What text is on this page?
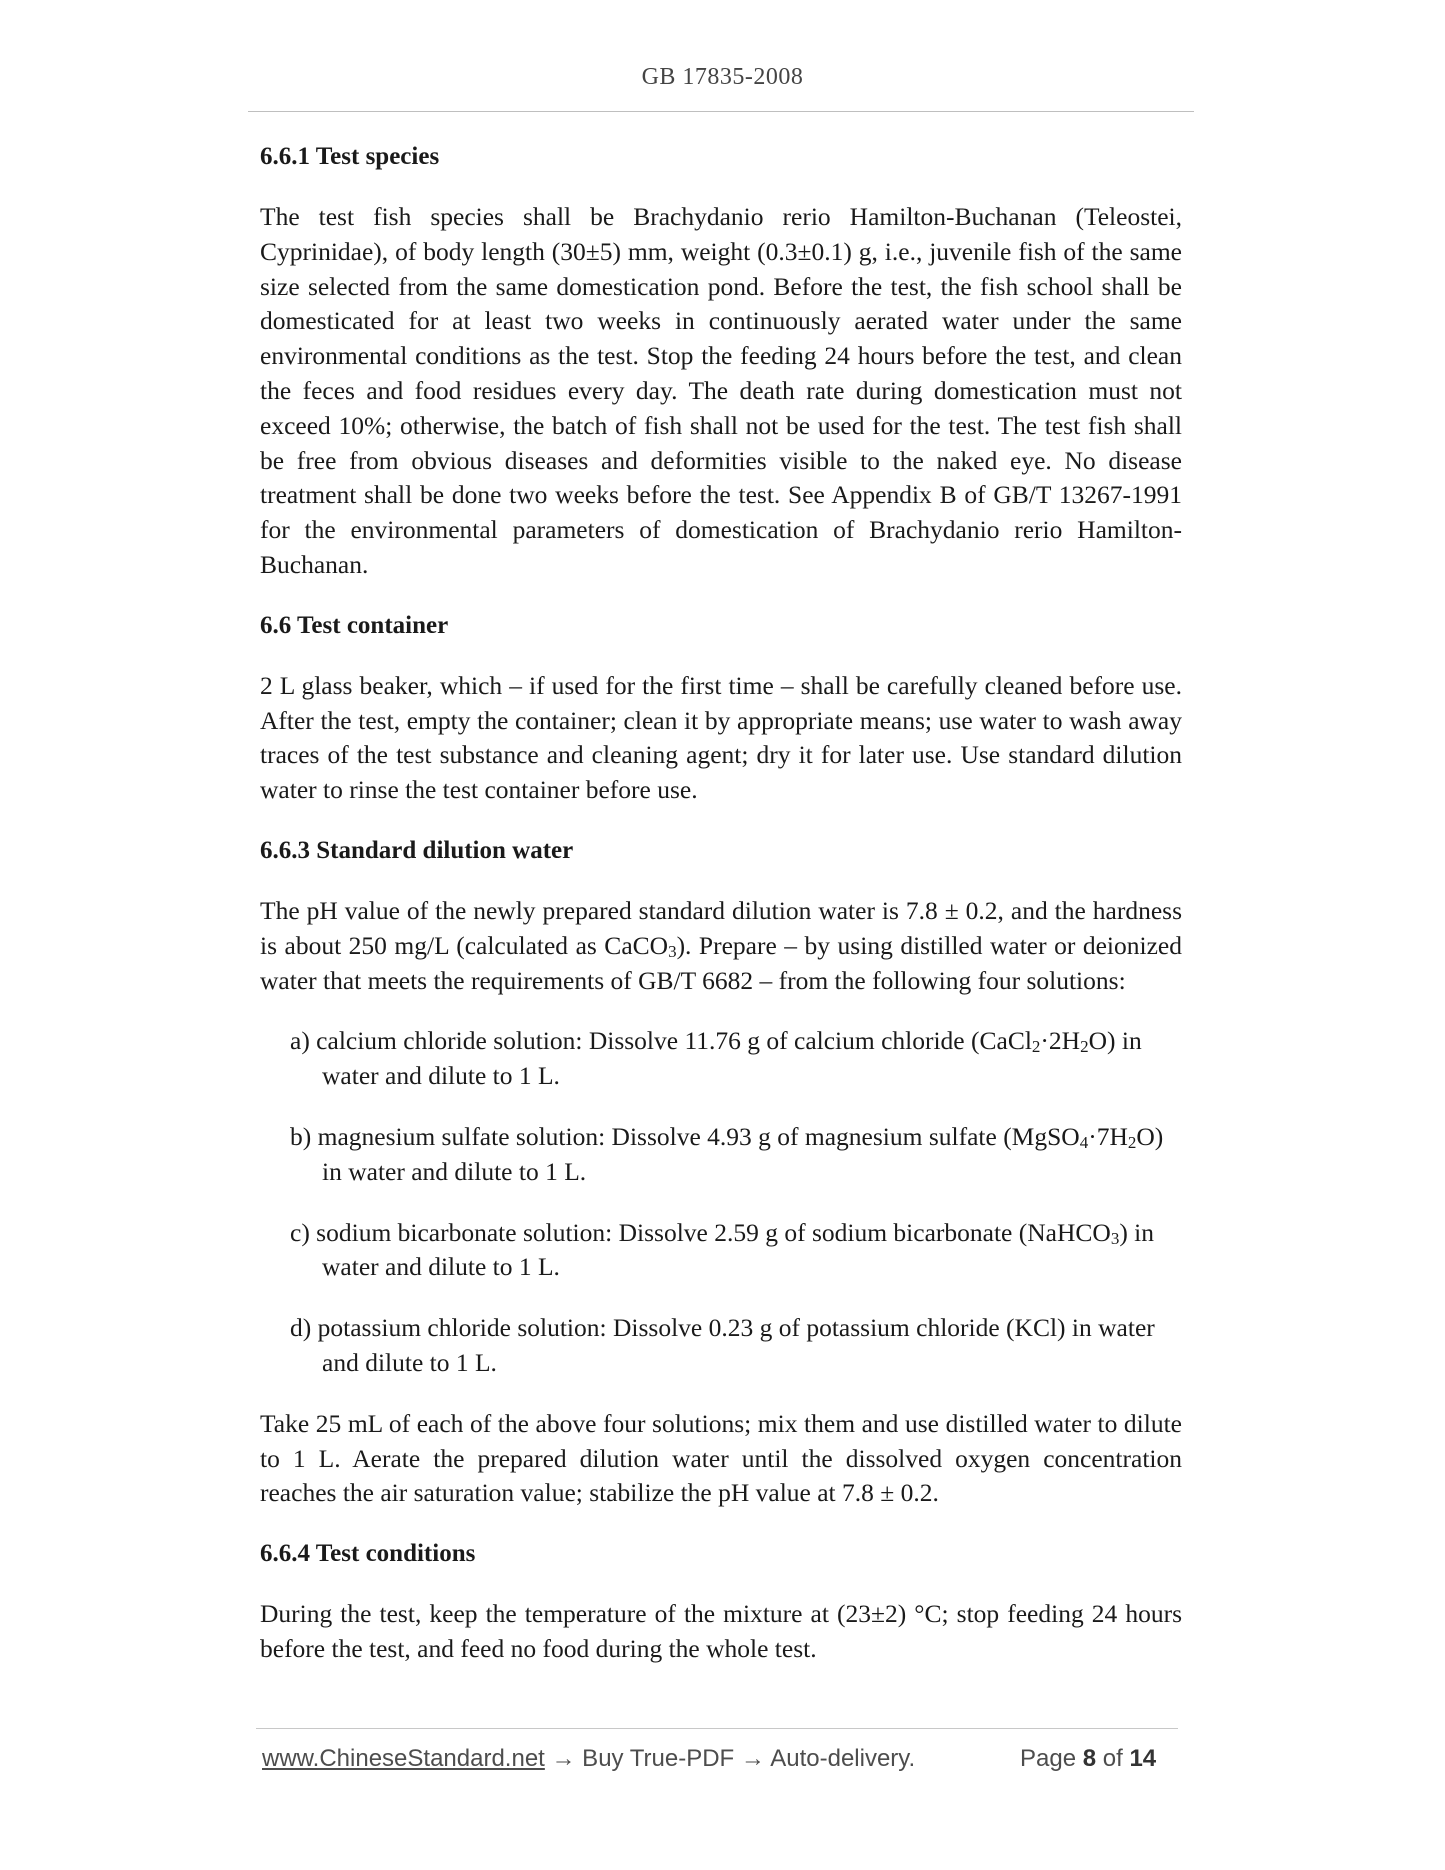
GB 17835-2008
6.6.1 Test species

The test fish species shall be Brachydanio rerio Hamilton-Buchanan (Teleostei, Cyprinidae), of body length (30±5) mm, weight (0.3±0.1) g, i.e., juvenile fish of the same size selected from the same domestication pond. Before the test, the fish school shall be domesticated for at least two weeks in continuously aerated water under the same environmental conditions as the test. Stop the feeding 24 hours before the test, and clean the feces and food residues every day. The death rate during domestication must not exceed 10%; otherwise, the batch of fish shall not be used for the test. The test fish shall be free from obvious diseases and deformities visible to the naked eye. No disease treatment shall be done two weeks before the test. See Appendix B of GB/T 13267-1991 for the environmental parameters of domestication of Brachydanio rerio Hamilton-Buchanan.

6.6 Test container

2 L glass beaker, which – if used for the first time – shall be carefully cleaned before use. After the test, empty the container; clean it by appropriate means; use water to wash away traces of the test substance and cleaning agent; dry it for later use. Use standard dilution water to rinse the test container before use.

6.6.3 Standard dilution water

The pH value of the newly prepared standard dilution water is 7.8 ± 0.2, and the hardness is about 250 mg/L (calculated as CaCO$_3$). Prepare – by using distilled water or deionized water that meets the requirements of GB/T 6682 – from the following four solutions:

a) calcium chloride solution: Dissolve 11.76 g of calcium chloride $(CaCl_2\cdot 2H_2O)$ in water and dilute to 1 L.
b) magnesium sulfate solution: Dissolve 4.93 g of magnesium sulfate $(MgSO_4\cdot 7H_2O)$ in water and dilute to 1 L.
c) sodium bicarbonate solution: Dissolve 2.59 g of sodium bicarbonate (NaHCO$_3$) in water and dilute to 1 L.
d) potassium chloride solution: Dissolve 0.23 g of potassium chloride (KCl) in water and dilute to 1 L.

Take 25 mL of each of the above four solutions; mix them and use distilled water to dilute to 1 L. Aerate the prepared dilution water until the dissolved oxygen concentration reaches the air saturation value; stabilize the pH value at 7.8 ± 0.2.

6.6.4 Test conditions

During the test, keep the temperature of the mixture at (23±2) °C; stop feeding 24 hours before the test, and feed no food during the whole test.

www.ChineseStandard.net → Buy True-PDF → Auto-delivery.	Page 8 of 14
